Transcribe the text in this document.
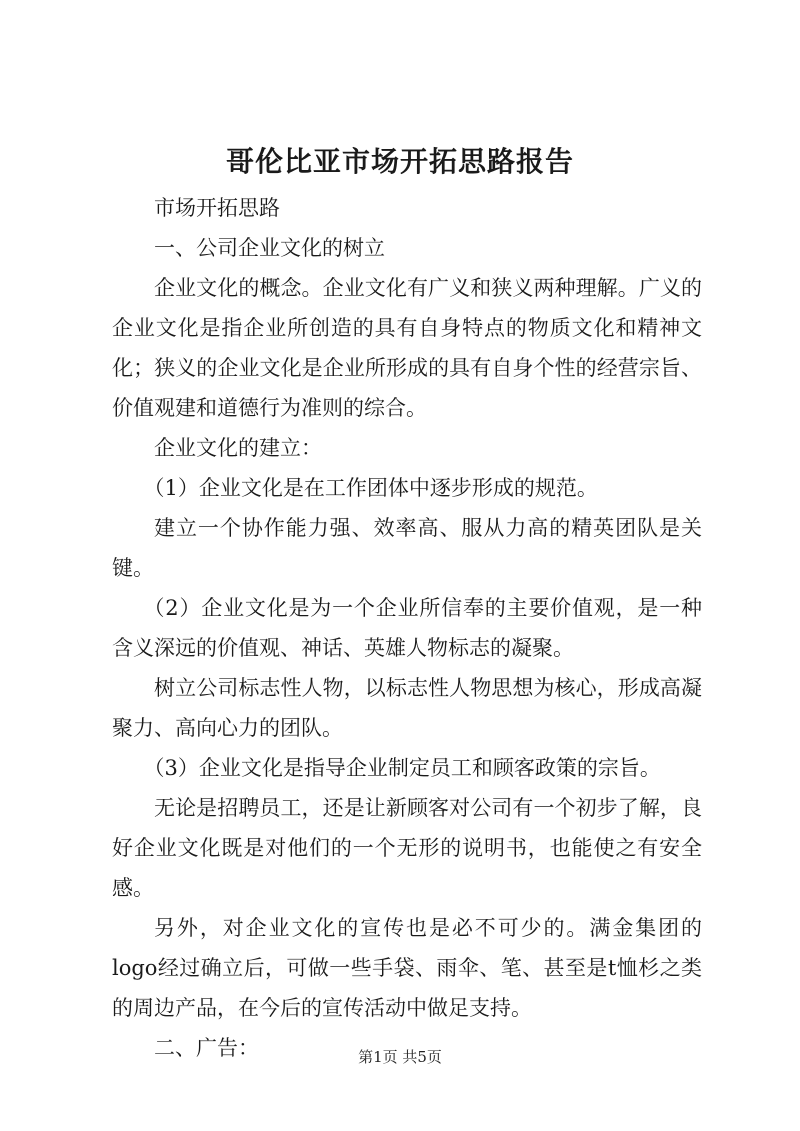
哥伦比亚市场开拓思路报告

市场开拓思路

一、公司企业文化的树立

企业文化的概念。企业文化有广义和狭义两种理解。广义的企业文化是指企业所创造的具有自身特点的物质文化和精神文化；狭义的企业文化是企业所形成的具有自身个性的经营宗旨、价值观建和道德行为准则的综合。

企业文化的建立：

（1）企业文化是在工作团体中逐步形成的规范。

建立一个协作能力强、效率高、服从力高的精英团队是关键。

（2）企业文化是为一个企业所信奉的主要价值观，是一种含义深远的价值观、神话、英雄人物标志的凝聚。

树立公司标志性人物，以标志性人物思想为核心，形成高凝聚力、高向心力的团队。

（3）企业文化是指导企业制定员工和顾客政策的宗旨。

无论是招聘员工，还是让新顾客对公司有一个初步了解，良好企业文化既是对他们的一个无形的说明书，也能使之有安全感。

另外，对企业文化的宣传也是必不可少的。满金集团的logo经过确立后，可做一些手袋、雨伞、笔、甚至是t恤杉之类的周边产品，在今后的宣传活动中做足支持。

二、广告：	第1页 共5页
